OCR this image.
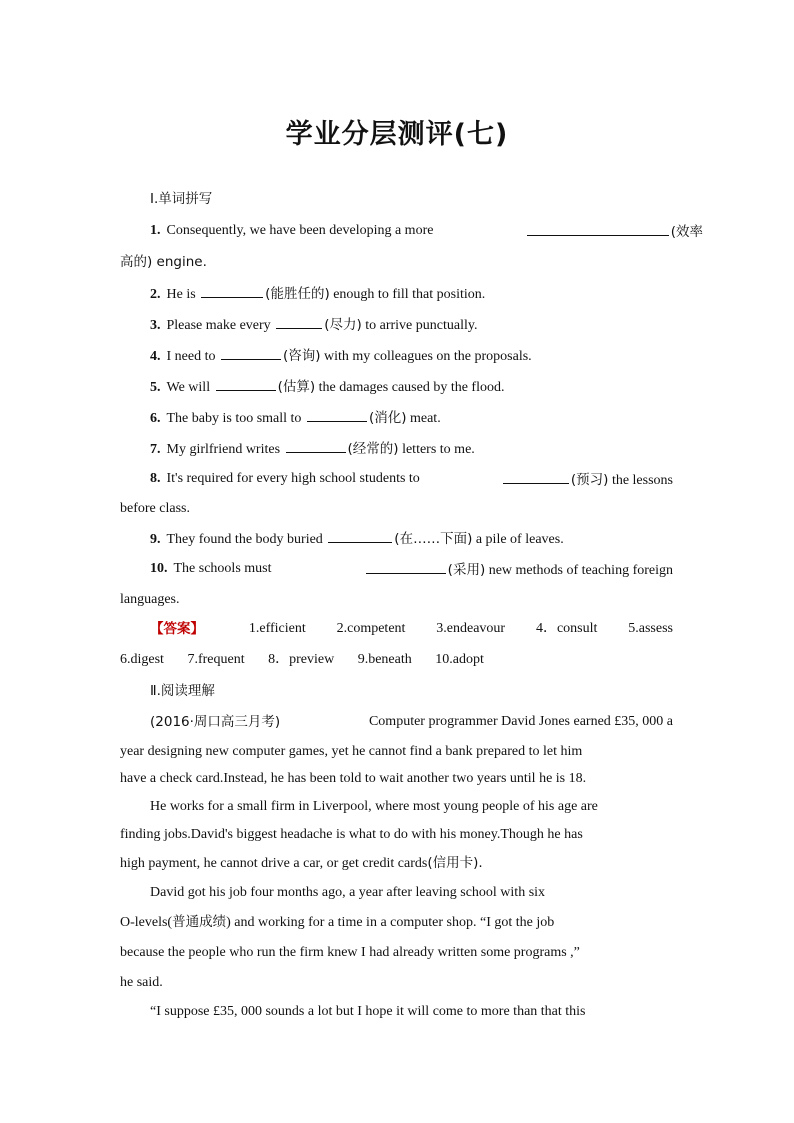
学业分层测评(七)
Ⅰ.单词拼写
1. Consequently, we have been developing a more	(效率
高的) engine.
2. He is	(能胜任的) enough to fill that position.
3. Please make every	(尽力) to arrive punctually.
4. I need to	(咨询) with my colleagues on the proposals.
5. We will	(估算) the damages caused by the flood.
6. The baby is too small to	(消化) meat.
7. My girlfriend writes	(经常的) letters to me.
8. It's required for every high school students to	(预习) the lessons
before class.
9. They found the body buried	(在……下面) a pile of leaves.
10. The schools must	(采用) new methods of teaching foreign
languages.
【答案】	1.efficient 2.competent 3.endeavour 4．consult 5.assess
6.digest 7.frequent 8．preview 9.beneath 10.adopt
Ⅱ.阅读理解
(2016·周口高三月考)	Computer programmer David Jones earned £35, 000 a
year designing new computer games, yet he cannot find a bank prepared to let him
have a check card.Instead, he has been told to wait another two years until he is 18.
He works for a small firm in Liverpool, where most young people of his age are
finding jobs.David's biggest headache is what to do with his money.Though he has
high payment, he cannot drive a car, or get credit cards(信用卡).
David got his job four months ago, a year after leaving school with six
O-levels(普通成绩) and working for a time in a computer shop. “I got the job
because the people who run the firm knew I had already written some programs ,”
he said.
“I suppose £35, 000 sounds a lot but I hope it will come to more than that this
